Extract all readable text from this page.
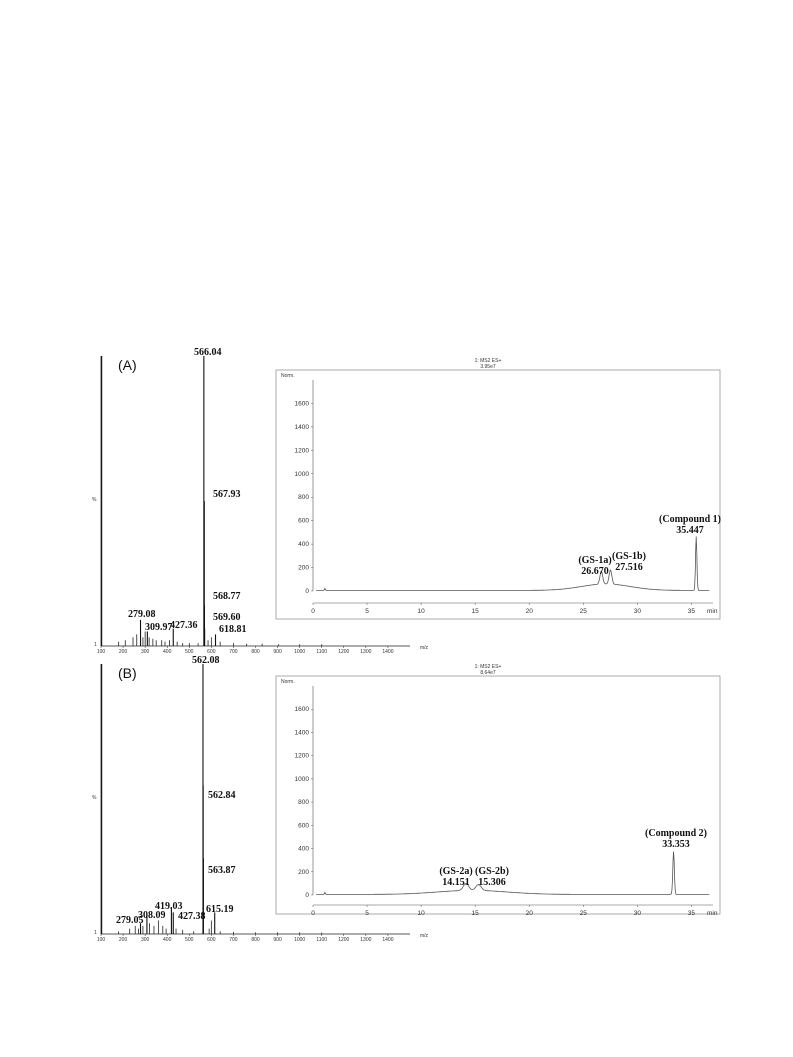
(A)
%
1
100	200	300	400	500	600	700	800	900 1000 1100 1200 1300 1400
m/z
566.04
567.93
568.77
569.60
618.81
279.08
309.97
427.36
1: MS2 ES+
3.95e7
Norm.
0
200
400
600
800
1000
1200
1400
1600
0	5	10	15	20	25	30	35 min
(GS-1a)
26.670
(GS-1b)
27.516
(Compound 1)
35.447
(B)
%
1
100	200	300	400	500	600	700	800	900 1000 1100 1200 1300 1400
m/z
562.08
562.84
563.87
615.19
419.03
427.38
308.09
279.05
1: MS2 ES+
8.64e7
Norm.
0
200
400
600
800
1000
1200
1400
1600
0	5	10	15	20	25	30	35 min
(GS-2a)
14.151
(GS-2b)
15.306
(Compound 2)
33.353
